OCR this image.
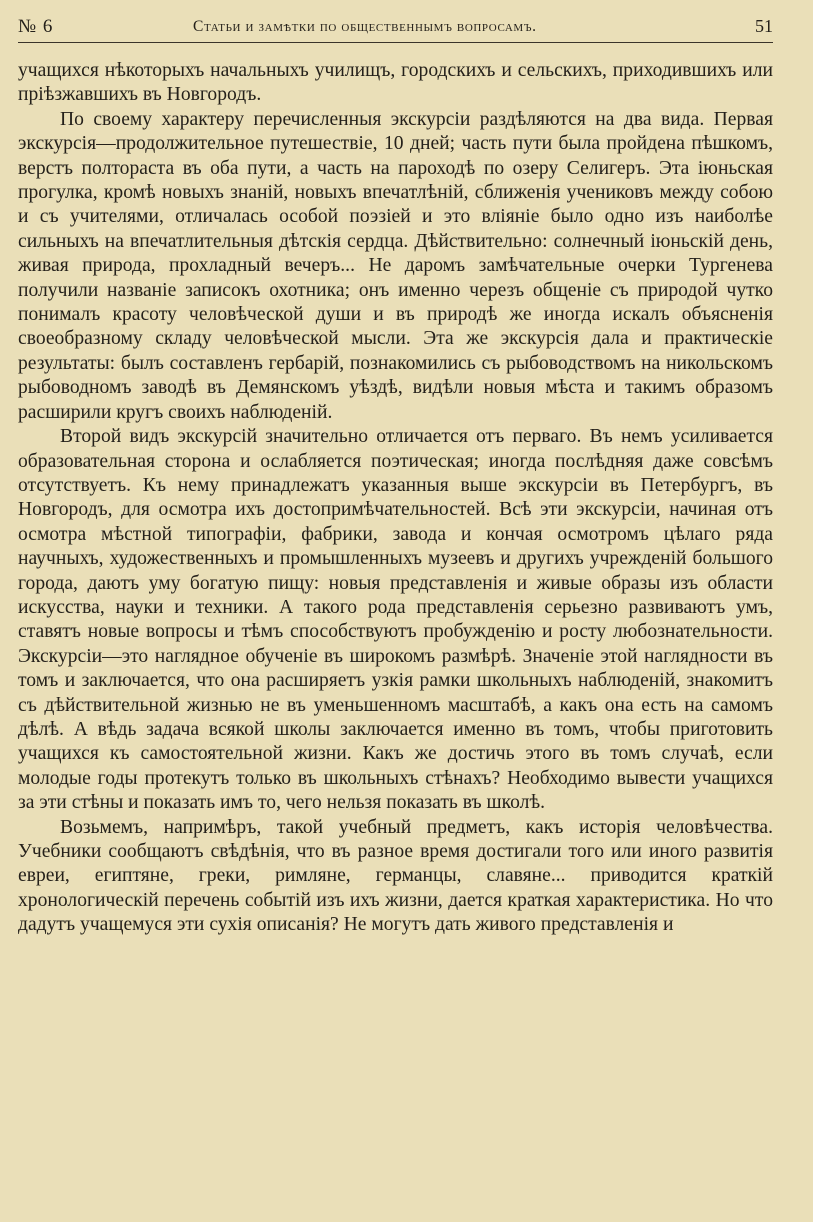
№ 6	Статьи и замѣтки по общественнымъ вопросамъ.	51

учащихся нѣкоторыхъ начальныхъ училищъ, городскихъ и сельскихъ, приходившихъ или пріѣзжавшихъ въ Новгородъ.

По своему характеру перечисленныя экскурсіи раздѣляются на два вида. Первая экскурсія—продолжительное путешествіе, 10 дней; часть пути была пройдена пѣшкомъ, верстъ полтораста въ оба пути, а часть на пароходѣ по озеру Селигеръ. Эта іюньская прогулка, кромѣ новыхъ знаній, новыхъ впечатлѣній, сближенія учениковъ между собою и съ учителями, отличалась особой поэзіей и это вліяніе было одно изъ наиболѣе сильныхъ на впечатлительныя дѣтскія сердца. Дѣйствительно: солнечный іюньскій день, живая природа, прохладный вечеръ... Не даромъ замѣчательные очерки Тургенева получили названіе записокъ охотника; онъ именно черезъ общеніе съ природой чутко понималъ красоту человѣческой души и въ природѣ же иногда искалъ объясненія своеобразному складу человѣческой мысли. Эта же экскурсія дала и практическіе результаты: былъ составленъ гербарій, познакомились съ рыбоводствомъ на никольскомъ рыбоводномъ заводѣ въ Демянскомъ уѣздѣ, видѣли новыя мѣста и такимъ образомъ расширили кругъ своихъ наблюденій.

Второй видъ экскурсій значительно отличается отъ перваго. Въ немъ усиливается образовательная сторона и ослабляется поэтическая; иногда послѣдняя даже совсѣмъ отсутствуетъ. Къ нему принадлежатъ указанныя выше экскурсіи въ Петербургъ, въ Новгородъ, для осмотра ихъ достопримѣчательностей. Всѣ эти экскурсіи, начиная отъ осмотра мѣстной типографіи, фабрики, завода и кончая осмотромъ цѣлаго ряда научныхъ, художественныхъ и промышленныхъ музеевъ и другихъ учрежденій большого города, даютъ уму богатую пищу: новыя представленія и живые образы изъ области искусства, науки и техники. А такого рода представленія серьезно развиваютъ умъ, ставятъ новые вопросы и тѣмъ способствуютъ пробужденію и росту любознательности. Экскурсіи—это наглядное обученіе въ широкомъ размѣрѣ. Значеніе этой наглядности въ томъ и заключается, что она расширяетъ узкія рамки школьныхъ наблюденій, знакомитъ съ дѣйствительной жизнью не въ уменьшенномъ масштабѣ, а какъ она есть на самомъ дѣлѣ. А вѣдь задача всякой школы заключается именно въ томъ, чтобы приготовить учащихся къ самостоятельной жизни. Какъ же достичь этого въ томъ случаѣ, если молодые годы протекутъ только въ школьныхъ стѣнахъ? Необходимо вывести учащихся за эти стѣны и показать имъ то, чего нельзя показать въ школѣ.

Возьмемъ, напримѣръ, такой учебный предметъ, какъ исторія человѣчества. Учебники сообщаютъ свѣдѣнія, что въ разное время достигали того или иного развитія евреи, египтяне, греки, римляне, германцы, славяне... приводится краткій хронологическій перечень событій изъ ихъ жизни, дается краткая характеристика. Но что дадутъ учащемуся эти сухія описанія? Не могутъ дать живого представленія и
